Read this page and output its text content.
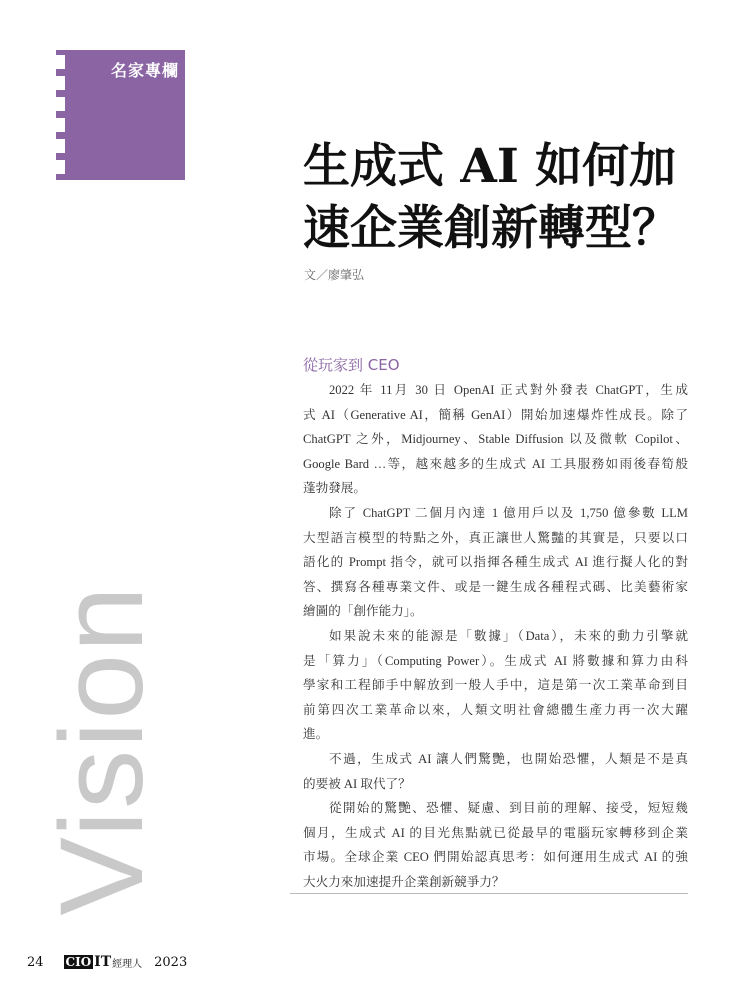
名家專欄
生成式 AI 如何加
速企業創新轉型？
文／廖肇弘
Vision
從玩家到 CEO
2022 年 11月 30 日 OpenAI 正式對外發表 ChatGPT，生成
式 AI（Generative AI，簡稱 GenAI）開始加速爆炸性成長。除了
ChatGPT 之外，Midjourney、Stable Diffusion 以及微軟 Copilot、
Google Bard …等，越來越多的生成式 AI 工具服務如雨後春筍般
蓬勃發展。
除了 ChatGPT 二個月內達 1 億用戶以及 1,750 億參數 LLM
大型語言模型的特點之外，真正讓世人驚豔的其實是，只要以口
語化的 Prompt 指令，就可以指揮各種生成式 AI 進行擬人化的對
答、撰寫各種專業文件、或是一鍵生成各種程式碼、比美藝術家
繪圖的「創作能力」。
如果說未來的能源是「數據」（Data），未來的動力引擎就
是「算力」（Computing Power）。生成式 AI 將數據和算力由科
學家和工程師手中解放到一般人手中，這是第一次工業革命到目
前第四次工業革命以來，人類文明社會總體生產力再一次大躍
進。
不過，生成式 AI 讓人們驚艷，也開始恐懼，人類是不是真
的要被 AI 取代了？
從開始的驚艷、恐懼、疑慮、到目前的理解、接受，短短幾
個月，生成式 AI 的目光焦點就已從最早的電腦玩家轉移到企業
市場。全球企業 CEO 們開始認真思考：如何運用生成式 AI 的強
大火力來加速提升企業創新競爭力？
24 CIO IT 經理人 2023
